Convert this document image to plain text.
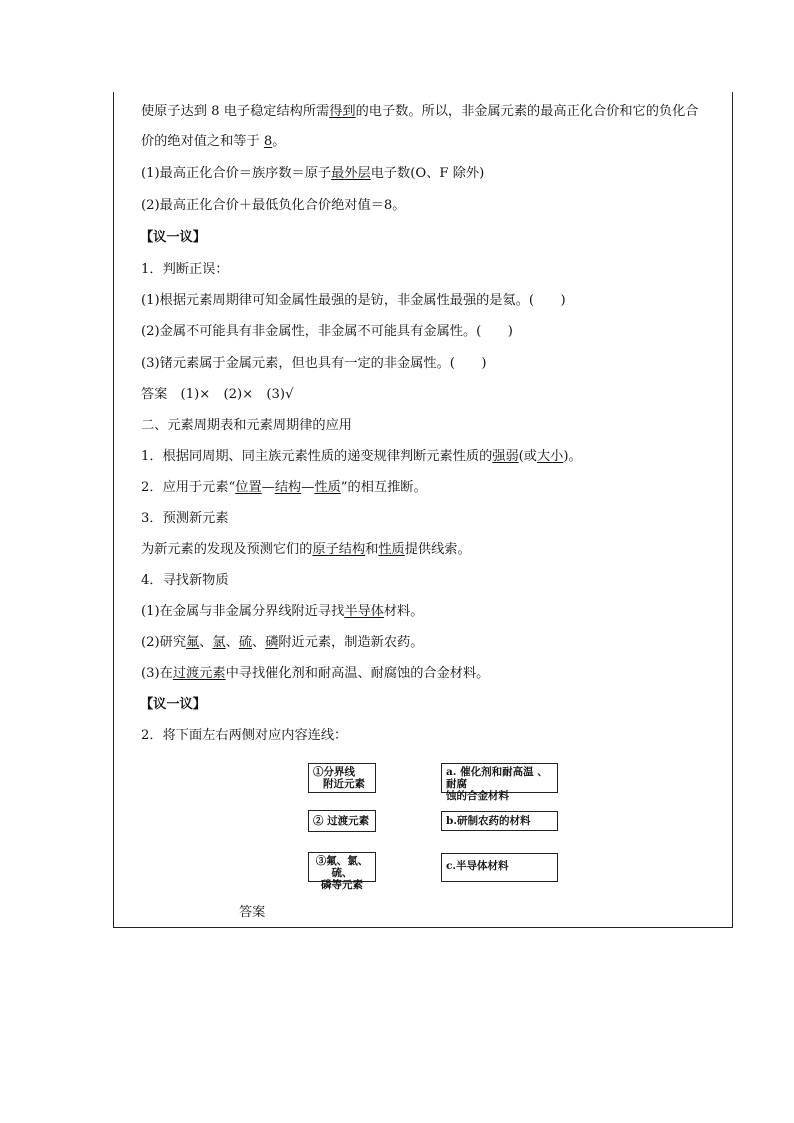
使原子达到 8 电子稳定结构所需得到的电子数。所以，非金属元素的最高正化合价和它的负化合
价的绝对值之和等于 8。
(1)最高正化合价＝族序数＝原子最外层电子数(O、F 除外)
(2)最高正化合价＋最低负化合价绝对值＝8。
【议一议】
1．判断正误：
(1)根据元素周期律可知金属性最强的是钫，非金属性最强的是氦。(　　)
(2)金属不可能具有非金属性，非金属不可能具有金属性。(　　)
(3)锗元素属于金属元素，但也具有一定的非金属性。(　　)
答案　(1)×　(2)×　(3)√
二、元素周期表和元素周期律的应用
1．根据同周期、同主族元素性质的递变规律判断元素性质的强弱(或大小)。
2．应用于元素“位置—结构—性质”的相互推断。
3．预测新元素
为新元素的发现及预测它们的原子结构和性质提供线索。
4．寻找新物质
(1)在金属与非金属分界线附近寻找半导体材料。
(2)研究氟、氯、硫、磷附近元素，制造新农药。
(3)在过渡元素中寻找催化剂和耐高温、耐腐蚀的合金材料。
【议一议】
2．将下面左右两侧对应内容连线：
①分界线
附近元素
② 过渡元素
③氟、氯、硫、
磷等元素
a. 催化剂和耐高温 、耐腐
蚀的合金材料
b.研制农药的材料
c.半导体材料
答案
